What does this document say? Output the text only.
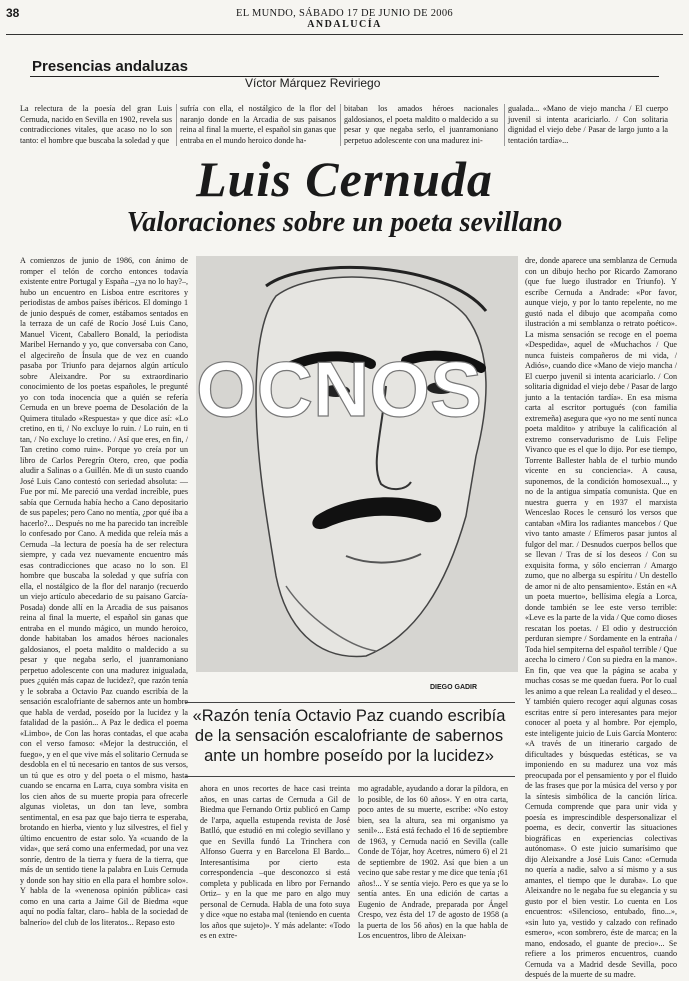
38	EL MUNDO, SÁBADO 17 DE JUNIO DE 2006
ANDALUCÍA
Presencias andaluzas
Víctor Márquez Reviriego
La relectura de la poesía del gran Luis Cernuda, nacido en Sevilla en 1902, revela sus contradicciones vitales, que acaso no lo son tanto: el hombre que buscaba la soledad y que
sufría con ella, el nostálgico de la flor del naranjo donde en la Arcadia de sus paisanos reina al final la muerte, el español sin ganas que entraba en el mundo heroico donde ha-
bitaban los amados héroes nacionales galdosianos, el poeta maldito o maldecido a su pesar y que negaba serlo, el juanramoniano perpetuo adolescente con una madurez ini-
gualada... «Mano de viejo mancha / El cuerpo juvenil si intenta acariciarlo. / Con solitaria dignidad el viejo debe / Pasar de largo junto a la tentación tardía»...
Luis Cernuda
Valoraciones sobre un poeta sevillano
A comienzos de junio de 1986, con ánimo de romper el telón de corcho entonces todavía existente entre Portugal y España –¿ya no lo hay?–, hubo un encuentro en Lisboa entre escritores y periodistas de ambos países ibéricos. El domingo 1 de junio después de comer, estábamos sentados en la terraza de un café de Rocío José Luis Cano, Manuel Vicent, Caballero Bonald, la periodista Maribel Hernando y yo, que conversaba con Cano, el algecireño de Ínsula que de vez en cuando pasaba por Triunfo para dejarnos algún artículo sobre Aleixandre. Por su extraordinario conocimiento de los poetas españoles, le pregunté yo con toda inocencia que a quién se refería Cernuda en un breve poema de Desolación de la Quimera titulado «Respuesta» y que dice así: «Lo cretino, en ti, / No excluye lo ruin. / Lo ruin, en ti tan, / No excluye lo cretino. / Así que eres, en fin, / Tan cretino como ruin». Porque yo creía por un libro de Carlos Peregrín Otero, creo, que podía aludir a Salinas o a Guillén. Me di un susto cuando José Luis Cano contestó con seriedad absoluta: —Fue por mí. Me pareció una verdad increíble, pues sabía que Cernuda había hecho a Cano depositario de sus papeles; pero Cano no mentía, ¿por qué iba a hacerlo?... Después no me ha parecido tan increíble lo confesado por Cano. A medida que releía más a Cernuda –la lectura de poesía ha de ser relectura siempre, y cada vez nuevamente encuentro más esas contradicciones que acaso no lo son. El hombre que buscaba la soledad y que sufría con ella, el nostálgico de la flor del naranjo (recuerdo un viejo artículo abecedario de su paisano García-Posada) donde allí en la Arcadia de sus paisanos reina al final la muerte, el español sin ganas que entraba en el mundo mágico, un mundo heroico, donde habitaban los amados héroes nacionales galdosianos, el poeta maldito o maldecido a su pesar y que negaba serlo, el juanramoniano perpetuo adolescente con una madurez inigualada, pues ¿quién más capaz de lucidez?, que razón tenía y le sobraba a Octavio Paz cuando escribía de la sensación escalofriante de sabernos ante un hombre que habla de verdad, poseído por la lucidez y la fatalidad de la pasión... A Paz le dedica el poema «Limbo», de Con las horas contadas, el que acaba con el verso famoso: «Mejor la destrucción, el fuego», y en el que vive más el solitario Cernuda se desdobla en el tú necesario en tantos de sus versos, un tú que es otro y del poeta o el mismo, hasta cuando se encarna en Larra, cuya sombra visita en los cien años de su muerte propia para ofrecerle algunas violetas, un don tan leve, sombra sentimental, en esa paz que bajo tierra te esperaba, brotando en hierba, viento y luz silvestres, el fiel y último encuentro de estar solo. Ya «cuando de la vida», que será como una enfermedad, por una vez sonríe, dentro de la tierra y fuera de la tierra, que más de un sentido tiene la palabra en Luis Cernuda y donde son hay sitio en ella para el hombre solo». Y habla de la «venenosa opinión pública» casi como en una carta a Jaime Gil de Biedma «que aquí no podía faltar, claro– habla de la sociedad de balnerío» del club de los literatos... Repaso esto
OCNOS
DIEGO GADIR
dre, donde aparece una semblanza de Cernuda con un dibujo hecho por Ricardo Zamorano (que fue luego ilustrador en Triunfo). Y escribe Cernuda a Andrade: «Por favor, aunque viejo, y por lo tanto repelente, no me gustó nada el dibujo que acompaña como ilustración a mi semblanza o retrato poético». La misma sensación se recoge en el poema «Despedida», aquel de «Muchachos / Que nunca fuisteis compañeros de mi vida, / Adiós», cuando dice «Mano de viejo mancha / El cuerpo juvenil si intenta acariciarlo. / Con solitaria dignidad el viejo debe / Pasar de largo junto a la tentación tardía». En esa misma carta al escritor portugués (con familia extremeña) asegura que «yo no me sentí nunca poeta maldito» y atribuye la calificación al extremo conservadurismo de Luis Felipe Vivanco que es el que lo dijo. Por ese tiempo, Torrente Ballester habla de el turbio mundo vicente en su conciencia». A causa, suponemos, de la condición homosexual..., y no de la antigua simpatía comunista. Que en nuestra guerra y en 1937 el marxista Wenceslao Roces le censuró los versos que cantaban «Mira los radiantes mancebos / Que vivo tanto amaste / Efímeros pasar juntos al fulgor del mar. / Desnudos cuerpos bellos que se llevan / Tras de sí los deseos / Con su exquisita forma, y sólo encierran / Amargo zumo, que no alberga su espíritu / Un destello de amor ni de alto pensamiento». Están en «A un poeta muerto», bellísima elegía a Lorca, donde también se lee este verso terrible: «Leve es la parte de la vida / Que como dioses rescatan los poetas. / El odio y destrucción perduran siempre / Sordamente en la entraña / Toda hiel sempiterna del español terrible / Que acecha lo cimero / Con su piedra en la mano». En fin, que vea que la página se acaba y muchas cosas se me quedan fuera. Por lo cual les animo a que relean La realidad y el deseo... Y también quiero recoger aquí algunas cosas escritas entre sí pero interesantes para mejor conocer al poeta y al hombre. Por ejemplo, este inteligente juicio de Luis García Montero: «A través de un itinerario cargado de dificultades y búsquedas estéticas, se va imponiendo en su madurez una voz más preocupada por el pensamiento y por el fluido de las frases que por la música del verso y por la síntesis simbólica de la canción lírica. Cernuda comprende que para unir vida y poesía es imprescindible despersonalizar el poema, es decir, convertir las situaciones biográficas en experiencias colectivas autónomas». O este juicio sumarísimo que dijo Aleixandre a José Luis Cano: «Cernuda no quería a nadie, salvo a sí mismo y a sus amantes, el tiempo que le duraba». Lo que Aleixandre no le negaba fue su elegancia y su gusto por el bien vestir. Lo cuenta en Los encuentros: «Silencioso, entubado, fino...», «sin luto ya, vestido y calzado con refinado esmero», «con sombrero, éste de marca; en la mano, endosado, el guante de precio»... Se refiere a los primeros encuentros, cuando Cernuda va a Madrid desde Sevilla, poco después de la muerte de su madre.
«Razón tenía Octavio Paz cuando escribía de la sensación escalofriante de sabernos ante un hombre poseído por la lucidez»
ahora en unos recortes de hace casi treinta años, en unas cartas de Cernuda a Gil de Biedma que Fernando Ortiz publicó en Camp de l'arpa, aquella estupenda revista de José Batlló, que estudió en mi colegio sevillano y que en Sevilla fundó La Trinchera con Alfonso Guerra y en Barcelona El Bardo... Interesantísima por cierto esta correspondencia –que desconozco si está completa y publicada en libro por Fernando Ortiz– y en la que me paro en algo muy personal de Cernuda. Habla de una foto suya y dice «que no estaba mal (teniendo en cuenta los años que sujeto)». Y más adelante: «Todo es en extre-
mo agradable, ayudando a dorar la píldora, en lo posible, de los 60 años». Y en otra carta, poco antes de su muerte, escribe: «No estoy bien, sea la altura, sea mi organismo ya senil»... Está está fechado el 16 de septiembre de 1963, y Cernuda nació en Sevilla (calle Conde de Tójar, hoy Acetres, número 6) el 21 de septiembre de 1902. Así que bien a un vecino que sabe restar y me dice que tenía ¡61 años!... Y se sentía viejo. Pero es que ya se lo sentía antes. En una edición de cartas a Eugenio de Andrade, preparada por Ángel Crespo, vez ésta del 17 de agosto de 1958 (a la puerta de los 56 años) en la que habla de Los encuentros, libro de Aleixan-
